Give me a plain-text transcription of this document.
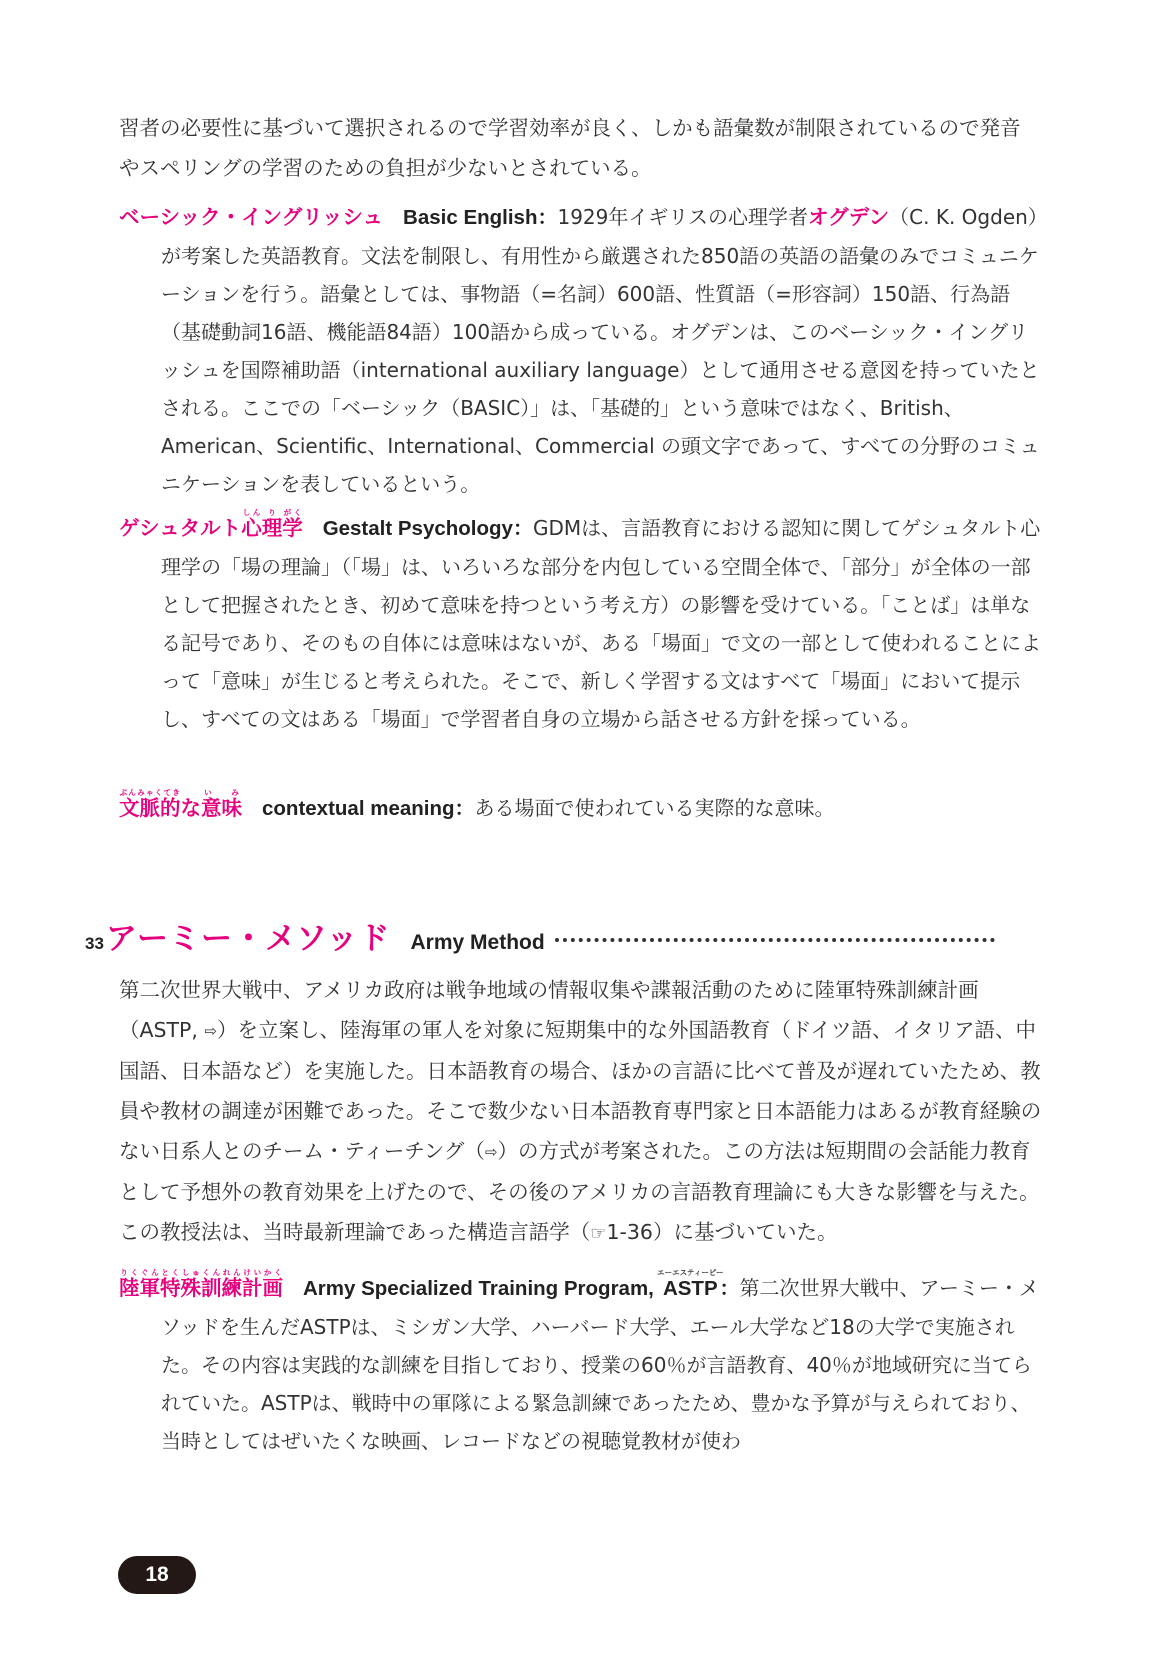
習者の必要性に基づいて選択されるので学習効率が良く、しかも語彙数が制限されているので発音やスペリングの学習のための負担が少ないとされている。

ベーシック・イングリッシュ Basic English：1929年イギリスの心理学者オグデン（C. K. Ogden）が考案した英語教育。文法を制限し、有用性から厳選された850語の英語の語彙のみでコミュニケーションを行う。語彙としては、事物語（=名詞）600語、性質語（=形容詞）150語、行為語（基礎動詞16語、機能語84語）100語から成っている。オグデンは、このベーシック・イングリッシュを国際補助語（international auxiliary language）として通用させる意図を持っていたとされる。ここでの「ベーシック（BASIC）」は、「基礎的」という意味ではなく、British、American、Scientific、International、Commercial の頭文字であって、すべての分野のコミュニケーションを表しているという。
ゲシュタルト心しん理り学がくGestalt Psychology：GDMは、言語教育における認知に関してゲシュタルト心理学の「場の理論」（「場」は、いろいろな部分を内包している空間全体で、「部分」が全体の一部として把握されたとき、初めて意味を持つという考え方）の影響を受けている。「ことば」は単なる記号であり、そのもの自体には意味はないが、ある「場面」で文の一部として使われることによって「意味」が生じると考えられた。そこで、新しく学習する文はすべて「場面」において提示し、すべての文はある「場面」で学習者自身の立場から話させる方針を採っている。
文脈的ぶんみゃくてきな意味い　みcontextual meaning：ある場面で使われている実際的な意味。
33 アーミー・メソッド Army Method

第二次世界大戦中、アメリカ政府は戦争地域の情報収集や諜報活動のために陸軍特殊訓練計画（ASTP, ⇨）を立案し、陸海軍の軍人を対象に短期集中的な外国語教育（ドイツ語、イタリア語、中国語、日本語など）を実施した。日本語教育の場合、ほかの言語に比べて普及が遅れていたため、教員や教材の調達が困難であった。そこで数少ない日本語教育専門家と日本語能力はあるが教育経験のない日系人とのチーム・ティーチング（⇨）の方式が考案された。この方法は短期間の会話能力教育として予想外の教育効果を上げたので、その後のアメリカの言語教育理論にも大きな影響を与えた。この教授法は、当時最新理論であった構造言語学（☞1-36）に基づいていた。

陸軍特殊訓練計画りくぐんとくしゅくんれんけいかくArmy Specialized Training Program, ASTPエーエスティーピー：第二次世界大戦中、アーミー・メソッドを生んだASTPは、ミシガン大学、ハーバード大学、エール大学など18の大学で実施された。その内容は実践的な訓練を目指しており、授業の60％が言語教育、40％が地域研究に当てられていた。ASTPは、戦時中の軍隊による緊急訓練であったため、豊かな予算が与えられており、当時としてはぜいたくな映画、レコードなどの視聴覚教材が使わ
18
